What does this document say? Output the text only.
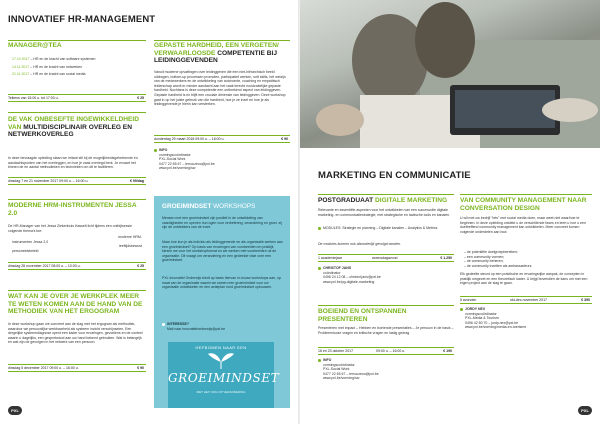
INNOVATIEF HR-MANAGEMENT
MANAGER@TEA
17.10.2017 – HR en de kracht van software systemen
14.11.2017 – HR en de kracht van netwerken
21.11.2017 – HR en de kracht van social media
Telkens van 15:00 u. tot 17:00 u.	€ 25
DE VAK ONBESEFTE INGEWIKKELDHEID VAN MULTIDISCIPLINAIR OVERLEG EN NETWERKOVERLEG
In deze bevraagde opleiding staan we irritant stil bij de mogelijkheidsgebrekende en aandachtspunten van het overleggen, en hoe je vaak overlegd bent. Je ervaart het binnen de en aantal methodieken en technieken om dit te faciliteren.
dinsdag 7 en 21 november 2017 09:00 u. – 16:00 u.	€ 90/dag
MODERNE HRM-INSTRUMENTEN JESSA 2.0
De HR-Manager van het Jessa Ziekenhuis Hasselt licht tijdens een ontbijtsessie volgende thema's toe:
moderne HRM-
instrumenten Jessa 2.0
leeftijdsbewust
personeelsbeleid
dinsdag 28 november 2017 08:00 u. – 10:00 u.	€ 25
WAT KAN JE OVER JE WERKPLEK MEER TE WETEN KOMEN AAN DE HAND VAN DE METHODIEK VAN HET ERGOGRAM
In deze workshop gaan we concreet aan de slag met het ergogram als methodiek, waardoor we persoonlijke werkbaarheid als systeem inzicht verschijnselen. Een dergelijke systeemdiagnose opent een kader voor ervaringen, gevoelens en de context waarin u dagelijks, een gesprekstool aan uw hand bekend gebruiken. Wat is belangrijk en wat zijn de gevolgen in het netwerk van een persoon.
dinsdag 5 december 2017 09:00 u. – 16:00 u.	€ 90
GEPASTE HARDHEID, EEN VERGETEN/ VERWAARLOOSDE COMPETENTIE BIJ LEIDINGGEVENDEN
Vanuit moderne opvattingen over leidinggeven die een niet-hiërarchisch beeld uitdragen, bottom-up processen promoten, participatief werken, soft skills, het welzijn van de medewerkers en de ontwikkeling van autonomie, coaching en empathisch leiderschap wordt er minder aandacht aan het vaak terecht noodzakelijke gepaste hardheid. Nochtans is deze competentie een ontbrekend aspect van leidinggeven. Gepaste hardheid is en blijft een cruciale dimensie van leidinggeven. Deze workshop gaat in op het juiste gebruik van die hardheid, hoe je ze inzet en hoe je als leidinggevende je hierin kan versterken.
donderdag 29 maart 2018 09:00 u. – 16:00 u.	€ 90
INFO
vormingscoördinator
PXL-Social Work
0477 22 65 67 – lerrouzeou@pxl.be
www.pxl.be/vorming/sw
GROEIMINDSET WORKSHOPS
Mensen met een groeimindset zijn positief in de ontwikkeling van vaardigheden en openen hun ogen voor verbetering, verandering en groei, zij zijn de ontdekkers van de inzet.
Maar hoe kun je als individu als leidinggevende en als organisatie werken aan een groeimindset? Op basis van ervaringen van voorbeelden en praktijk kiezen we voor het workshopformat en we werken met voorbeelden uit de organisatie. Dit vraagt om verandering en een gedeelde visie over een groeimindset.
PXL Innovatief Onderwijs biedt op basis hiervan in-house workshops aan, op maat van de organisatie waarin we samen een groeimindset voor uw organisatie ontwikkelen en een actieplan rond groeimindset opbouwen.
INTERESSE?
Mail naar innovatiefonderwijs@pxl.be
HEFBOMEN NAAR EEN
GROEIMINDSET
MET HET OOG OP VERANDERING
PXL
MARKETING EN COMMUNICATIE
POSTGRADUAAT DIGITALE MARKETING
Relevante en essentiële aspecten voor het ontwikkelen van een succesvolle digitale marketing- en communicatiestrategie, met strategische en tactische tools en kanalen.
MODULES: Strategie en planning – Digitale kanalen – Analytics & Metrics
De modules kunnen ook afzonderlijk gevolgd worden.
1 academiejaar	woensdagavond	€ 1.250
CHRISTOF JANS
coördinator
0496 24 12 08 – christof.jans@pxl.be
www.pxl.be/pg-digitale-marketing
BOEIEND EN ONTSPANNEN PRESENTEREN
Presenteren met impact – Hebben en boeiende presentaties – Je persoon in de basis – Probleemlooze vragen en kritische vragen en lastig gedrag.
16 en 23 oktober 2017	09:00 u. – 16:00 u.	€ 190
INFO
vormingscoördinator
PXL-Social Work
0477 22 65 67 – lerrouzeou@pxl.be
www.pxl.be/vorming/sw
VAN COMMUNITY MANAGEMENT NAAR CONVERSATION DESIGN
U wil met uw bedrijf "iets" met social media doen, maar weet niet waar/hoe te beginnen. In deze opleiding ontdekt u de verschillende fases en leert u hoe u een doeltreffend community management kan ontwikkelen. Meer concreet komen volgende onderdelen aan bod:
– de potentiële doelgroepbereiken;
– een community vormen;
– de community beheren;
– de community inzetten als ambassadeurs.
Elk gedeelte steunt op een praktische en ervaringsrijke aanpak, de concepten in praktijk omgezet en een theoretisch kader. U krijgt bovendien de kans om met een eigen project aan de slag te gaan.
5 avonden	okt-dec-november 2017	€ 390
JORDY NEX
vormingscoördinator
PXL-Media & Tourism
0496 42 80 70 – jordy.nex@pxl.be
www.pxl.be/vorming/media-en-toerisme
PXL
